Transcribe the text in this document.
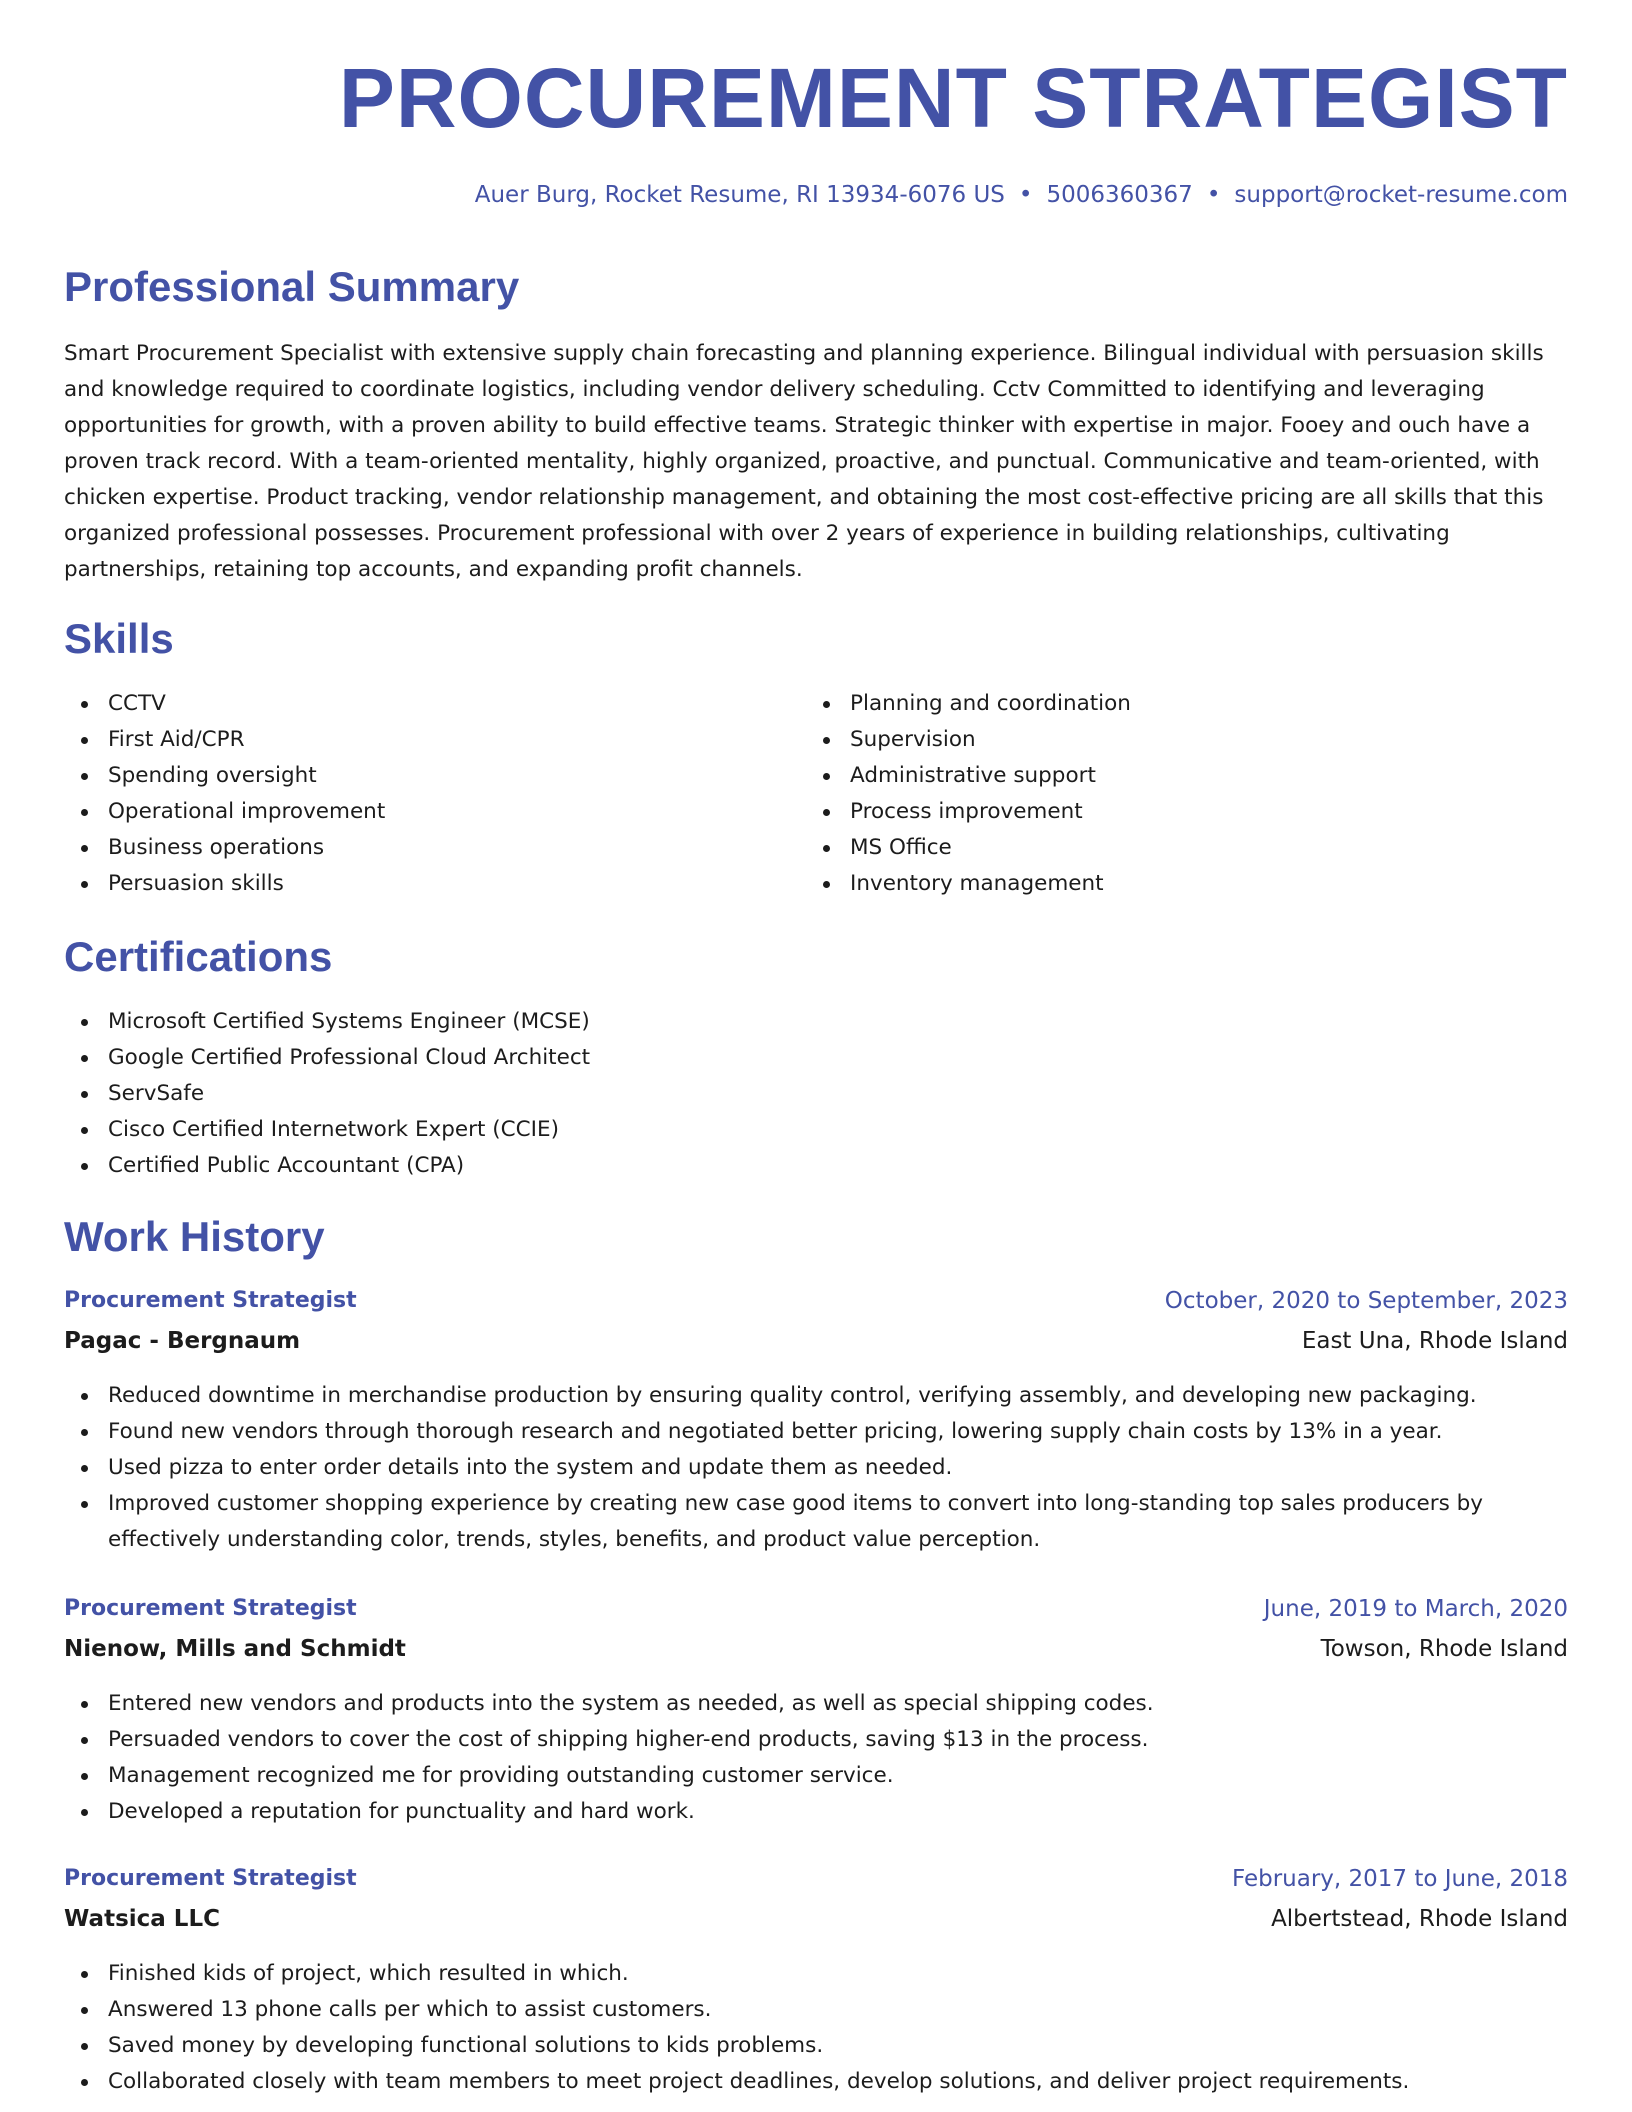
PROCUREMENT STRATEGIST
Auer Burg, Rocket Resume, RI 13934-6076 US • 5006360367 • support@rocket-resume.com
Professional Summary

Smart Procurement Specialist with extensive supply chain forecasting and planning experience. Bilingual individual with persuasion skills and knowledge required to coordinate logistics, including vendor delivery scheduling. Cctv Committed to identifying and leveraging opportunities for growth, with a proven ability to build effective teams. Strategic thinker with expertise in major. Fooey and ouch have a proven track record. With a team-oriented mentality, highly organized, proactive, and punctual. Communicative and team-oriented, with chicken expertise. Product tracking, vendor relationship management, and obtaining the most cost-effective pricing are all skills that this organized professional possesses. Procurement professional with over 2 years of experience in building relationships, cultivating partnerships, retaining top accounts, and expanding profit channels.

Skills
CCTV
First Aid/CPR
Spending oversight
Operational improvement
Business operations
Persuasion skills
Planning and coordination
Supervision
Administrative support
Process improvement
MS Office
Inventory management
Certifications
Microsoft Certified Systems Engineer (MCSE)
Google Certified Professional Cloud Architect
ServSafe
Cisco Certified Internetwork Expert (CCIE)
Certified Public Accountant (CPA)
Work History
Procurement Strategist	October, 2020 to September, 2023
Pagac - Bergnaum	East Una, Rhode Island
Reduced downtime in merchandise production by ensuring quality control, verifying assembly, and developing new packaging.
Found new vendors through thorough research and negotiated better pricing, lowering supply chain costs by 13% in a year.
Used pizza to enter order details into the system and update them as needed.
Improved customer shopping experience by creating new case good items to convert into long-standing top sales producers by effectively understanding color, trends, styles, benefits, and product value perception.
Procurement Strategist	June, 2019 to March, 2020
Nienow, Mills and Schmidt	Towson, Rhode Island
Entered new vendors and products into the system as needed, as well as special shipping codes.
Persuaded vendors to cover the cost of shipping higher-end products, saving $13 in the process.
Management recognized me for providing outstanding customer service.
Developed a reputation for punctuality and hard work.
Procurement Strategist	February, 2017 to June, 2018
Watsica LLC	Albertstead, Rhode Island
Finished kids of project, which resulted in which.
Answered 13 phone calls per which to assist customers.
Saved money by developing functional solutions to kids problems.
Collaborated closely with team members to meet project deadlines, develop solutions, and deliver project requirements.
